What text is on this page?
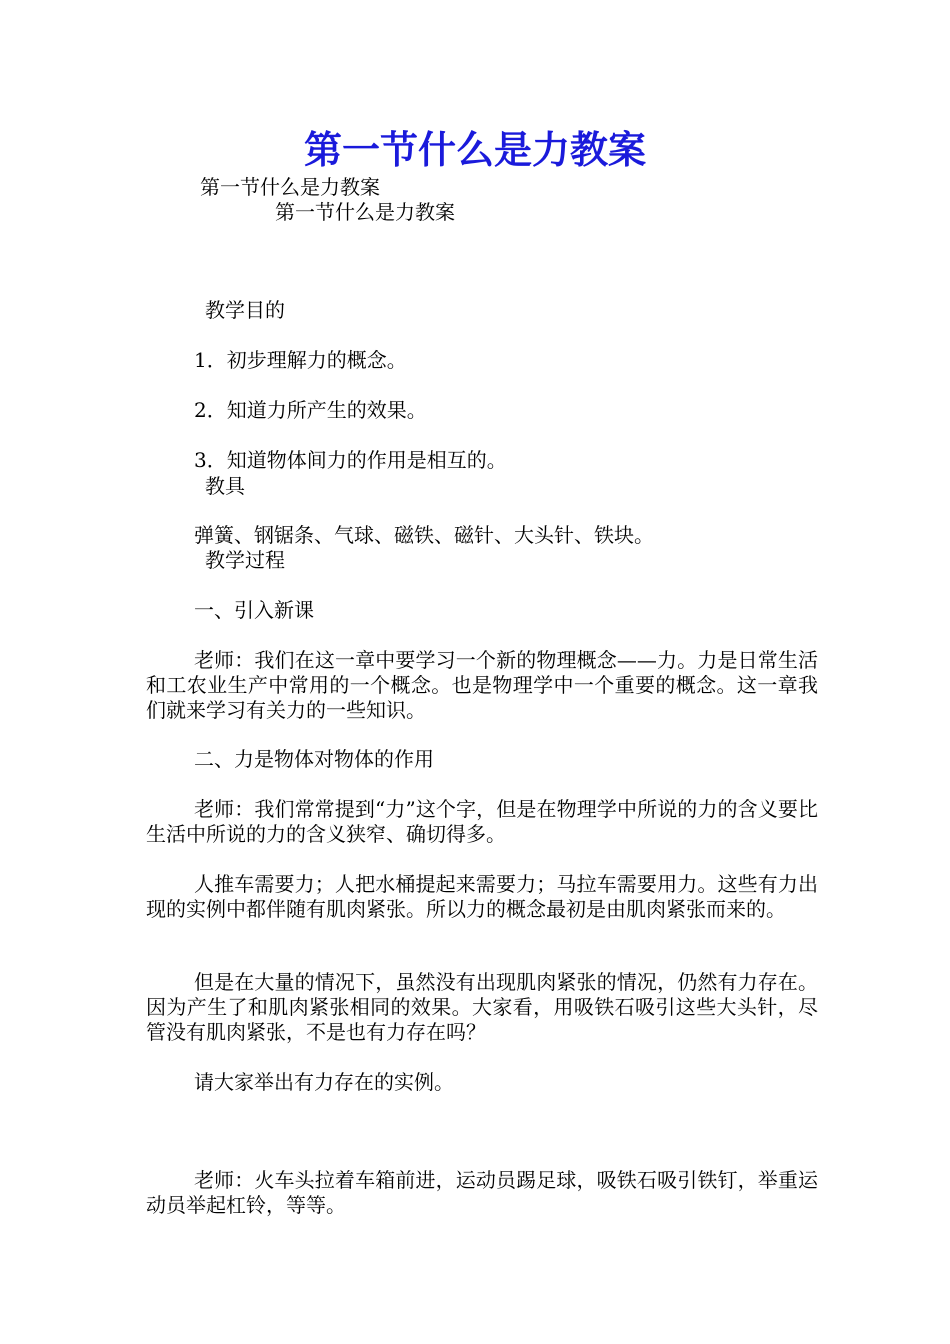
第一节什么是力教案
第一节什么是力教案
第一节什么是力教案
教学目的
1．初步理解力的概念。
2．知道力所产生的效果。
3．知道物体间力的作用是相互的。
教具
弹簧、钢锯条、气球、磁铁、磁针、大头针、铁块。
教学过程
一、引入新课
老师：我们在这一章中要学习一个新的物理概念——力。力是日常生活和工农业生产中常用的一个概念。也是物理学中一个重要的概念。这一章我们就来学习有关力的一些知识。
二、力是物体对物体的作用
老师：我们常常提到“力”这个字，但是在物理学中所说的力的含义要比生活中所说的力的含义狭窄、确切得多。
人推车需要力；人把水桶提起来需要力；马拉车需要用力。这些有力出现的实例中都伴随有肌肉紧张。所以力的概念最初是由肌肉紧张而来的。
但是在大量的情况下，虽然没有出现肌肉紧张的情况，仍然有力存在。因为产生了和肌肉紧张相同的效果。大家看，用吸铁石吸引这些大头针，尽管没有肌肉紧张，不是也有力存在吗？
请大家举出有力存在的实例。
老师：火车头拉着车箱前进，运动员踢足球，吸铁石吸引铁钉，举重运动员举起杠铃，等等。
